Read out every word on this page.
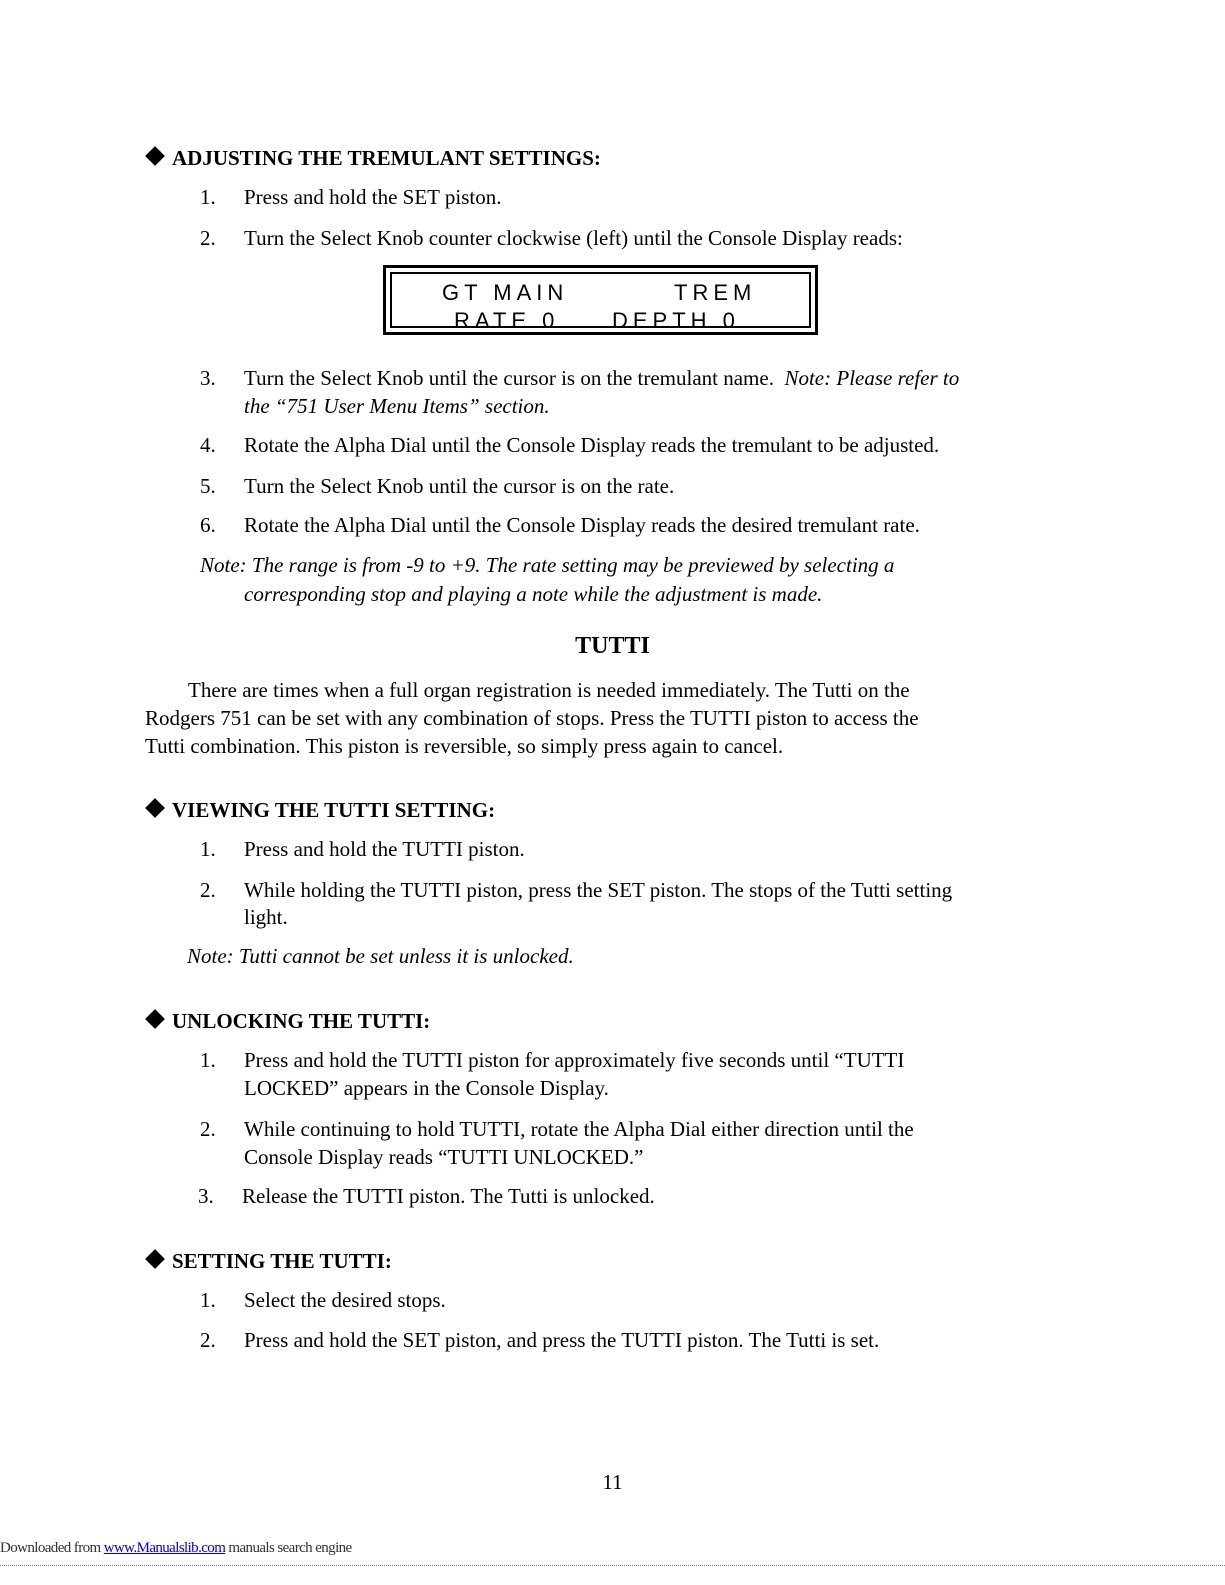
ADJUSTING THE TREMULANT SETTINGS:
1. Press and hold the SET piston.
2. Turn the Select Knob counter clockwise (left) until the Console Display reads:
GT MAIN	TREM
RATE 0 DEPTH 0
3. Turn the Select Knob until the cursor is on the tremulant name. Note: Please refer to
the “751 User Menu Items” section.
4. Rotate the Alpha Dial until the Console Display reads the tremulant to be adjusted.
5. Turn the Select Knob until the cursor is on the rate.
6. Rotate the Alpha Dial until the Console Display reads the desired tremulant rate.
Note: The range is from -9 to +9. The rate setting may be previewed by selecting a
corresponding stop and playing a note while the adjustment is made.
TUTTI
There are times when a full organ registration is needed immediately. The Tutti on the
Rodgers 751 can be set with any combination of stops. Press the TUTTI piston to access the
Tutti combination. This piston is reversible, so simply press again to cancel.
VIEWING THE TUTTI SETTING:
1. Press and hold the TUTTI piston.
2. While holding the TUTTI piston, press the SET piston. The stops of the Tutti setting
light.
Note: Tutti cannot be set unless it is unlocked.
UNLOCKING THE TUTTI:
1. Press and hold the TUTTI piston for approximately five seconds until “TUTTI
LOCKED” appears in the Console Display.
2. While continuing to hold TUTTI, rotate the Alpha Dial either direction until the
Console Display reads “TUTTI UNLOCKED.”
3. Release the TUTTI piston. The Tutti is unlocked.
SETTING THE TUTTI:
1. Select the desired stops.
2. Press and hold the SET piston, and press the TUTTI piston. The Tutti is set.
11
Downloaded from www.Manualslib.com manuals search engine
